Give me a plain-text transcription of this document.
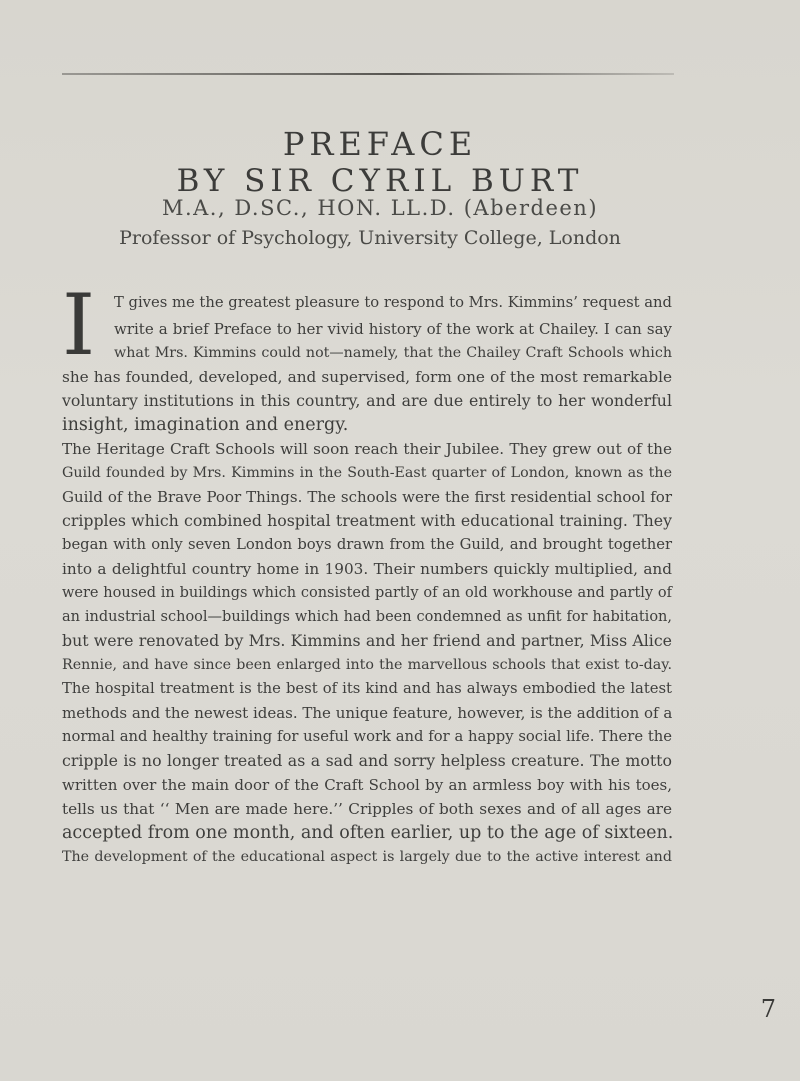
PREFACE
BY SIR CYRIL BURT
M.A., D.SC., HON. LL.D. (Aberdeen)
Professor of Psychology, University College, London
I T gives me the greatest pleasure to respond to Mrs. Kimmins’ request and
write a brief Preface to her vivid history of the work at Chailey. I can say
what Mrs. Kimmins could not—namely, that the Chailey Craft Schools which
she has founded, developed, and supervised, form one of the most remarkable
voluntary institutions in this country, and are due entirely to her wonderful
insight, imagination and energy.
The Heritage Craft Schools will soon reach their Jubilee. They grew out of the
Guild founded by Mrs. Kimmins in the South-East quarter of London, known as the
Guild of the Brave Poor Things. The schools were the first residential school for
cripples which combined hospital treatment with educational training. They
began with only seven London boys drawn from the Guild, and brought together
into a delightful country home in 1903. Their numbers quickly multiplied, and
were housed in buildings which consisted partly of an old workhouse and partly of
an industrial school—buildings which had been condemned as unfit for habitation,
but were renovated by Mrs. Kimmins and her friend and partner, Miss Alice
Rennie, and have since been enlarged into the marvellous schools that exist to-day.
The hospital treatment is the best of its kind and has always embodied the latest
methods and the newest ideas. The unique feature, however, is the addition of a
normal and healthy training for useful work and for a happy social life. There the
cripple is no longer treated as a sad and sorry helpless creature. The motto
written over the main door of the Craft School by an armless boy with his toes,
tells us that ‘‘ Men are made here.’’ Cripples of both sexes and of all ages are
accepted from one month, and often earlier, up to the age of sixteen.
The development of the educational aspect is largely due to the active interest and
7
